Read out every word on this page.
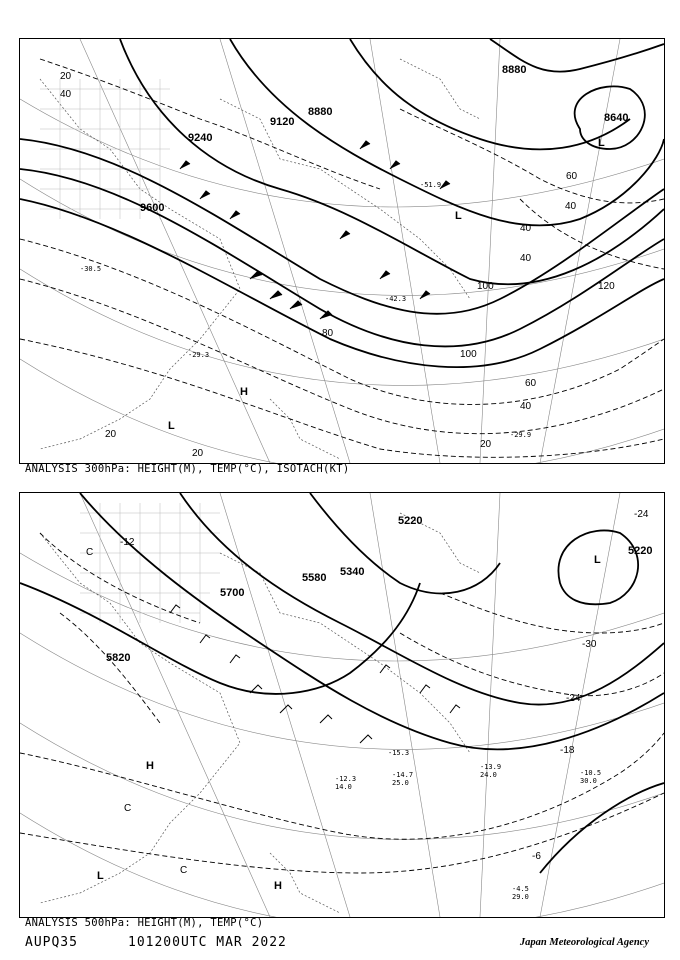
9600
9240
9120
8880
8880
8640
20
40
40
40
60
60
80
100
100
120
40
20
20
20
40
-29.3
-29.9
-30.5
-42.3
-51.9
L
H
L
L
ANALYSIS 300hPa: HEIGHT(M), TEMP(°C), ISOTACH(KT)
5820
5700
5580 5340
5220
5220
-12
-18
-24
-30
-6
-24
-15.3
-14.7
25.0
-12.3
14.0
-13.9
24.0	-10.5
30.0
-4.5
29.0
H
H
L
L
C
C
C
ANALYSIS 500hPa: HEIGHT(M), TEMP(°C)
AUPQ35	101200UTC MAR 2022	Japan Meteorological Agency
